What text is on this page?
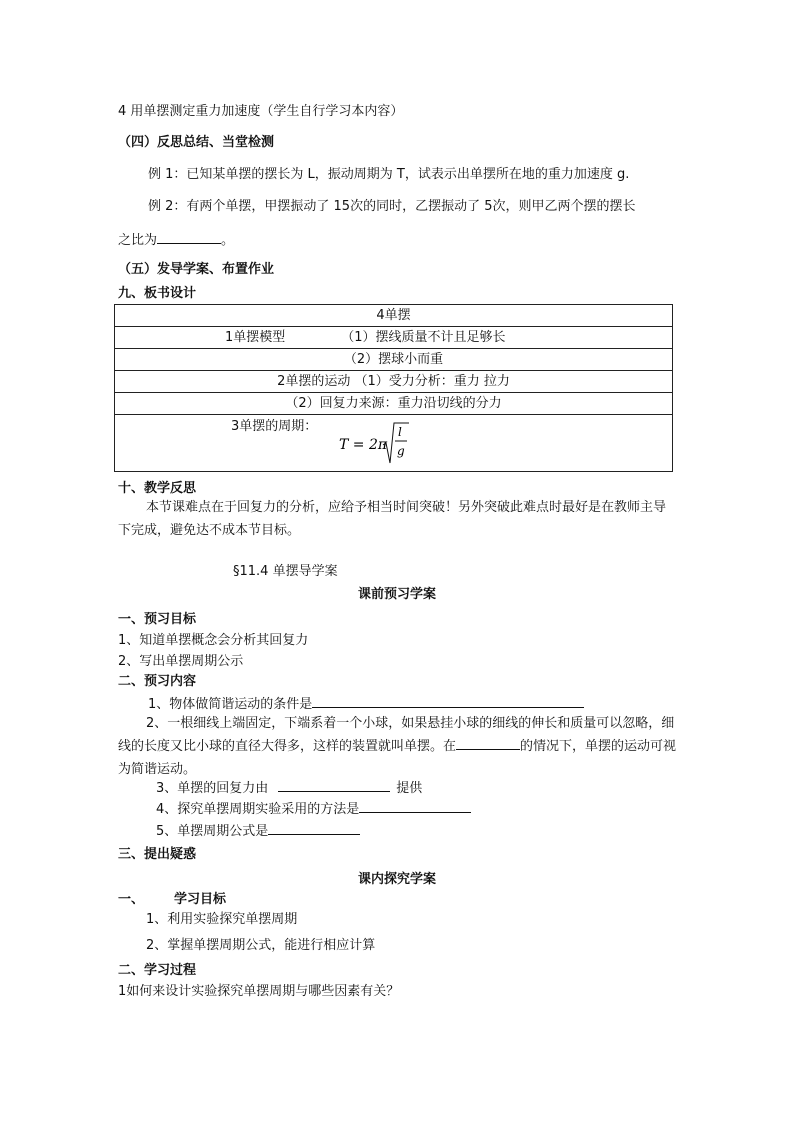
4 用单摆测定重力加速度（学生自行学习本内容）
（四）反思总结、当堂检测
例 1：已知某单摆的摆长为 L，振动周期为 T，试表示出单摆所在地的重力加速度 g.
例 2：有两个单摆，甲摆振动了 15次的同时，乙摆振动了 5次，则甲乙两个摆的摆长
之比为	。
（五）发导学案、布置作业
九、板书设计
4单摆
1单摆模型	（1）摆线质量不计且足够长
（2）摆球小而重
2单摆的运动 （1）受力分析：重力 拉力
（2）回复力来源：重力沿切线的分力

3单摆的周期：
T = 2π
l
g
十、教学反思
本节课难点在于回复力的分析，应给予相当时间突破！另外突破此难点时最好是在教师主导下完成，避免达不成本节目标。
§11.4 单摆导学案
课前预习学案
一、预习目标
1、知道单摆概念会分析其回复力
2、写出单摆周期公示
二、预习内容
1、物体做简谐运动的条件是
2、一根细线上端固定，下端系着一个小球，如果悬挂小球的细线的伸长和质量可以忽略，细线的长度又比小球的直径大得多，这样的装置就叫单摆。在	的情况下，单摆的运动可视为简谐运动。
3、单摆的回复力由	提供
4、探究单摆周期实验采用的方法是
5、单摆周期公式是
三、提出疑惑
课内探究学案
一、 学习目标
1、利用实验探究单摆周期
2、掌握单摆周期公式，能进行相应计算
二、学习过程
1如何来设计实验探究单摆周期与哪些因素有关？
